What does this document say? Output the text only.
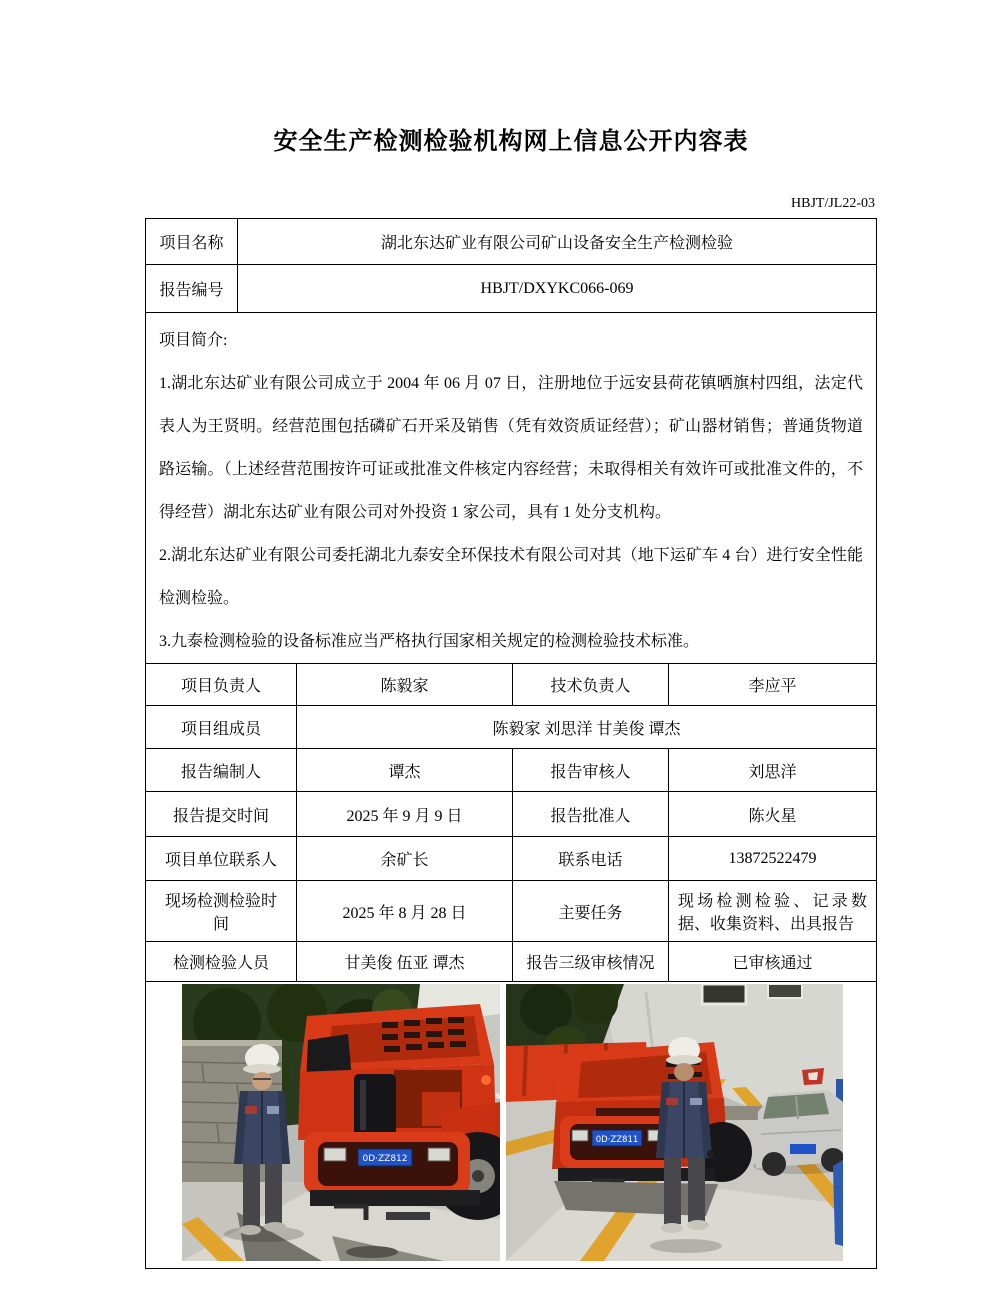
安全生产检测检验机构网上信息公开内容表
HBJT/JL22-03
项目名称	湖北东达矿业有限公司矿山设备安全生产检测检验
报告编号	HBJT/DXYKC066-069

项目简介:

1.湖北东达矿业有限公司成立于 2004 年 06 月 07 日，注册地位于远安县荷花镇晒旗村四组，法定代表人为王贤明。经营范围包括磷矿石开采及销售（凭有效资质证经营）；矿山器材销售；普通货物道路运输。（上述经营范围按许可证或批准文件核定内容经营；未取得相关有效许可或批准文件的，不得经营）湖北东达矿业有限公司对外投资 1 家公司，具有 1 处分支机构。

2.湖北东达矿业有限公司委托湖北九泰安全环保技术有限公司对其（地下运矿车 4 台）进行安全性能检测检验。

3.九泰检测检验的设备标准应当严格执行国家相关规定的检测检验技术标准。	

项目负责人	陈毅家	技术负责人	李应平
项目组成员	陈毅家 刘思洋 甘美俊 谭杰		
报告编制人	谭杰	报告审核人	刘思洋
报告提交时间	2025 年 9 月 9 日	报告批准人	陈火星
项目单位联系人	余矿长	联系电话	13872522479
现场检测检验时间	2025 年 8 月 28 日	主要任务	现场检测检验、记录数据、收集资料、出具报告
检测检验人员	甘美俊 伍亚 谭杰	报告三级审核情况	已审核通过

0D·ZZ812

0D·ZZ811			
